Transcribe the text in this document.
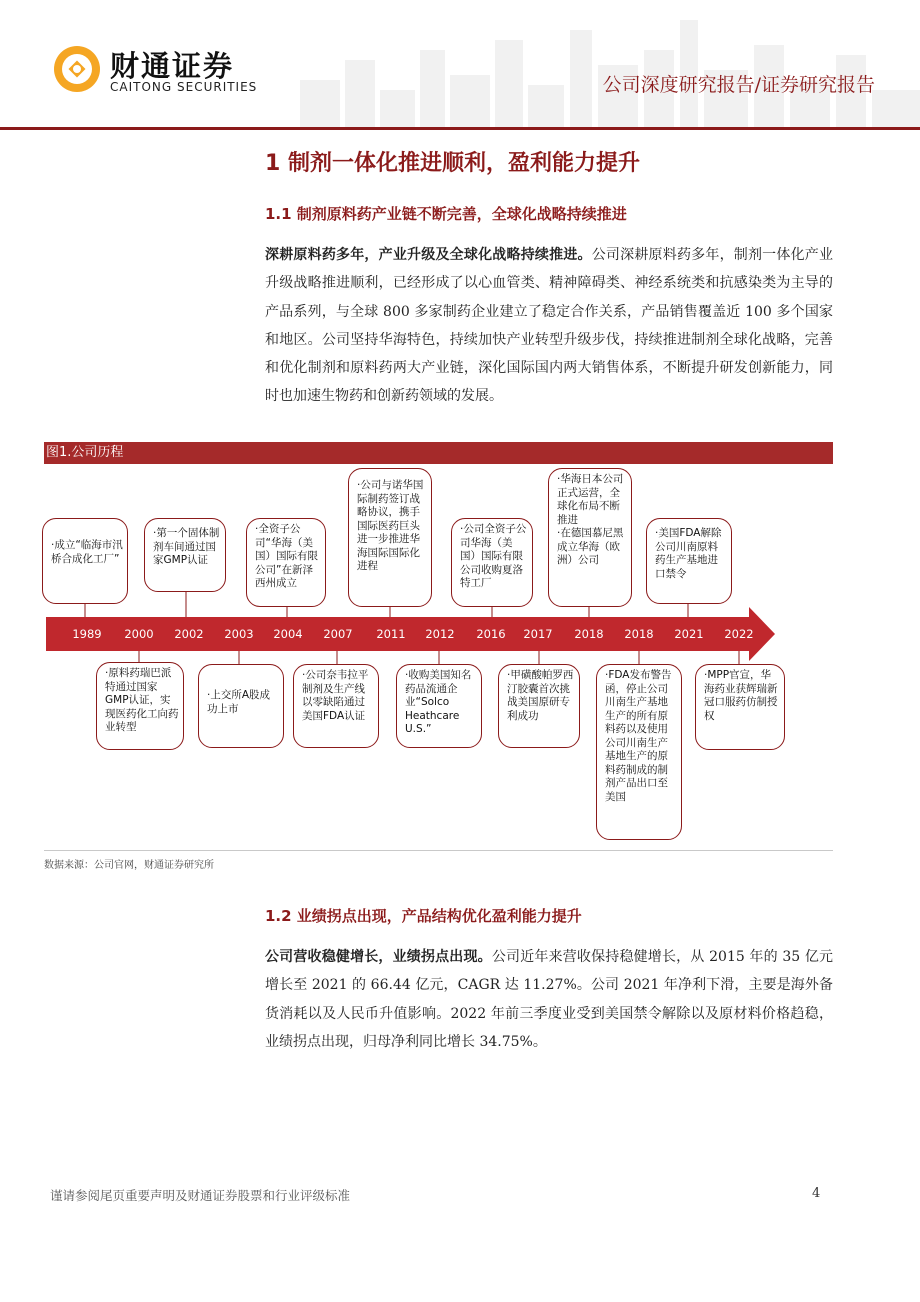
财通证券
CAITONG SECURITIES	公司深度研究报告/证券研究报告
1 制剂一体化推进顺利，盈利能力提升
1.1 制剂原料药产业链不断完善，全球化战略持续推进
深耕原料药多年，产业升级及全球化战略持续推进。公司深耕原料药多年，制剂一体化产业升级战略推进顺利，已经形成了以心血管类、精神障碍类、神经系统类和抗感染类为主导的产品系列，与全球 800 多家制药企业建立了稳定合作关系，产品销售覆盖近 100 多个国家和地区。公司坚持华海特色，持续加快产业转型升级步伐，持续推进制剂全球化战略，完善和优化制剂和原料药两大产业链，深化国际国内两大销售体系，不断提升研发创新能力，同时也加速生物药和创新药领域的发展。
图1.公司历程
1989	2000	2002	2003	2004	2007	2011	2012	2016	2017	2018	2018	2021	2022
·成立“临海市汛桥合成化工厂”
·第一个固体制剂车间通过国家GMP认证
·全资子公司“华海（美国）国际有限公司”在新泽西州成立
·公司与诺华国际制药签订战略协议，携手国际医药巨头进一步推进华海国际国际化进程
·公司全资子公司华海（美国）国际有限公司收购夏洛特工厂
·华海日本公司正式运营，全球化布局不断推进
·在德国慕尼黑成立华海（欧洲）公司
·美国FDA解除公司川南原料药生产基地进口禁令
·原料药瑞巴派特通过国家GMP认证，实现医药化工向药业转型
·上交所A股成功上市
·公司奈韦拉平制剂及生产线以零缺陷通过美国FDA认证
·收购美国知名药品流通企业“Solco Heathcare U.S.”
·甲磺酸帕罗西汀胶囊首次挑战美国原研专利成功
·FDA发布警告函，停止公司川南生产基地生产的所有原料药以及使用公司川南生产基地生产的原料药制成的制剂产品出口至美国
·MPP官宣，华海药业获辉瑞新冠口服药仿制授权
数据来源：公司官网，财通证券研究所
1.2 业绩拐点出现，产品结构优化盈利能力提升
公司营收稳健增长，业绩拐点出现。公司近年来营收保持稳健增长，从 2015 年的 35 亿元增长至 2021 的 66.44 亿元，CAGR 达 11.27%。公司 2021 年净利下滑，主要是海外备货消耗以及人民币升值影响。2022 年前三季度业受到美国禁令解除以及原材料价格趋稳，业绩拐点出现，归母净利同比增长 34.75%。
谨请参阅尾页重要声明及财通证券股票和行业评级标准	4
